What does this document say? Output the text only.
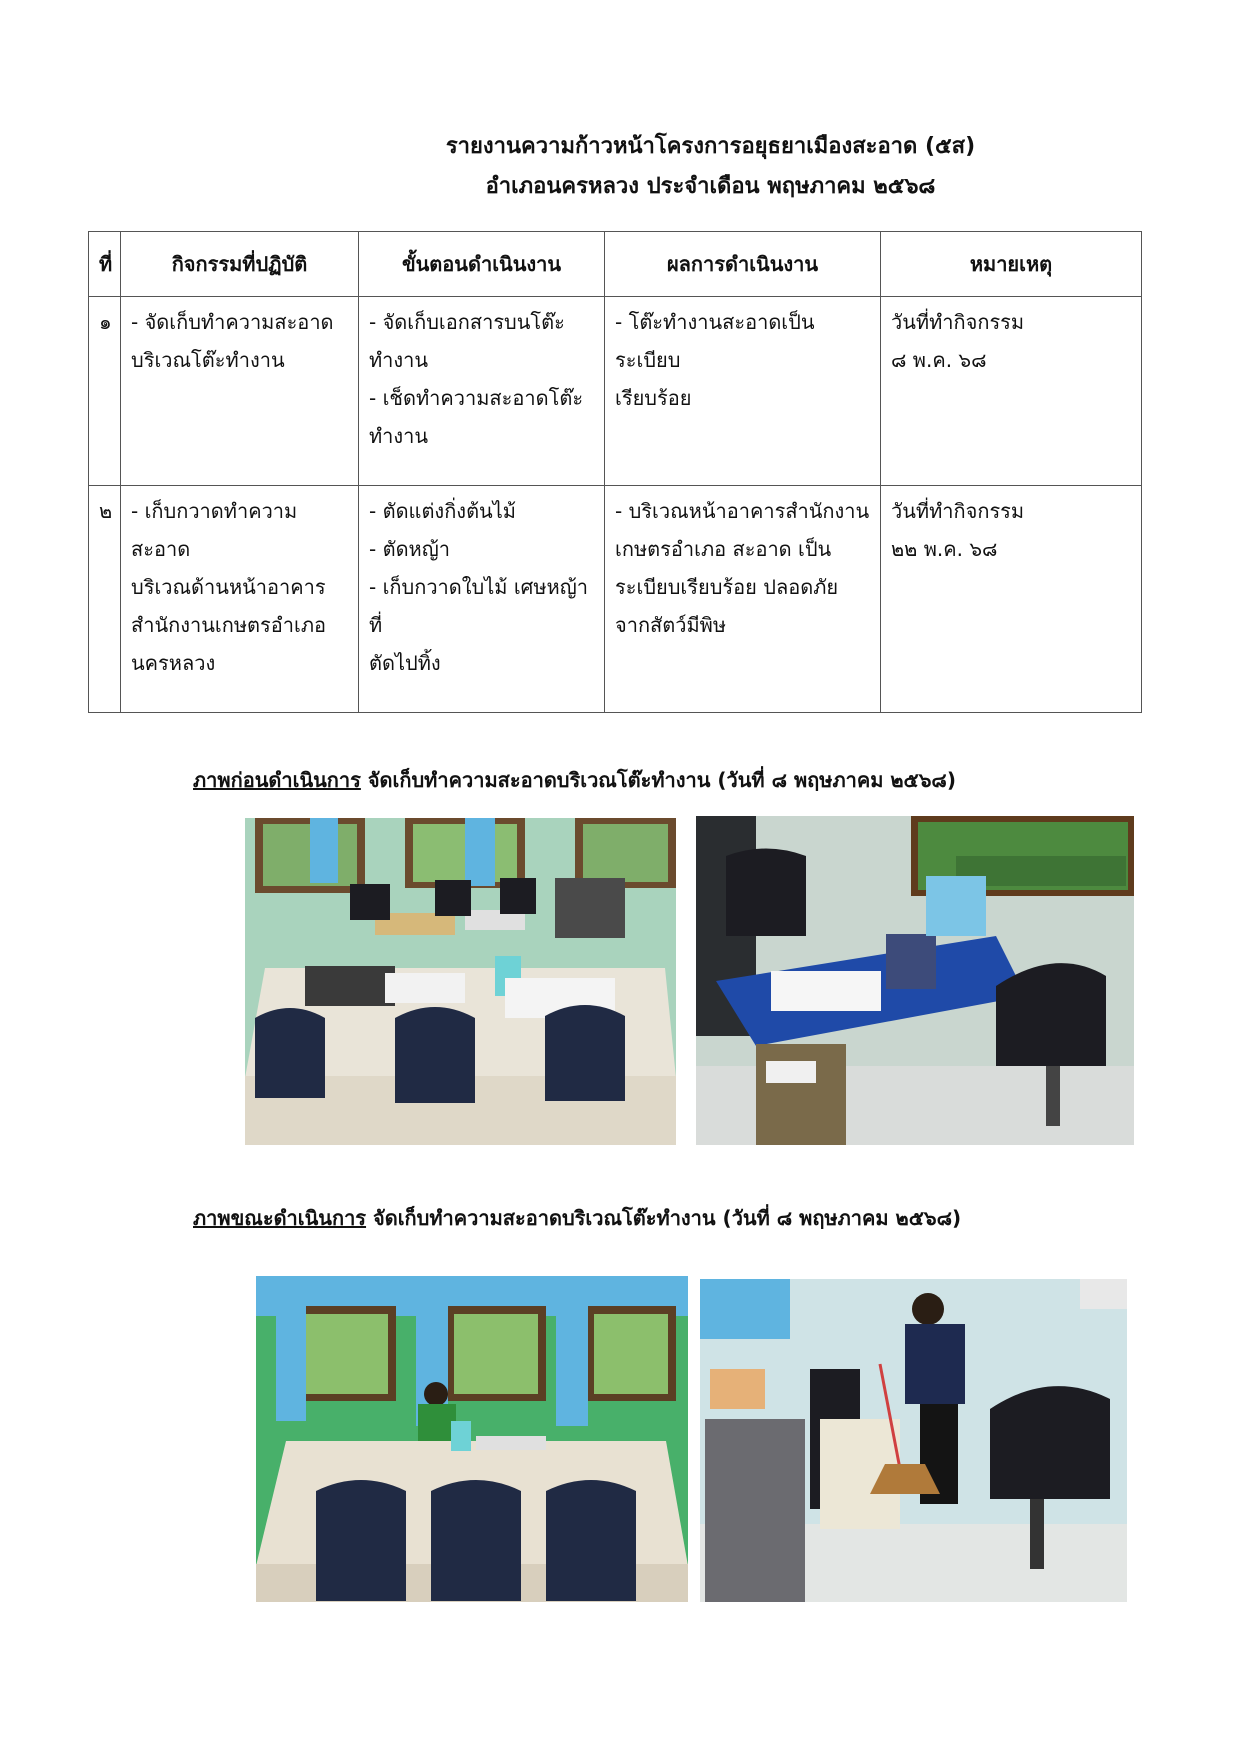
รายงานความก้าวหน้าโครงการอยุธยาเมืองสะอาด (๕ส)
อำเภอนครหลวง ประจำเดือน พฤษภาคม ๒๕๖๘
ที่	กิจกรรมที่ปฏิบัติ	ขั้นตอนดำเนินงาน	ผลการดำเนินงาน	หมายเหตุ
๑	- จัดเก็บทำความสะอาด
บริเวณโต๊ะทำงาน	- จัดเก็บเอกสารบนโต๊ะ
ทำงาน
- เช็ดทำความสะอาดโต๊ะ
ทำงาน	- โต๊ะทำงานสะอาดเป็นระเบียบ
เรียบร้อย	วันที่ทำกิจกรรม
๘ พ.ค. ๖๘

๒	- เก็บกวาดทำความสะอาด
บริเวณด้านหน้าอาคาร
สำนักงานเกษตรอำเภอ
นครหลวง	- ตัดแต่งกิ่งต้นไม้
- ตัดหญ้า
- เก็บกวาดใบไม้ เศษหญ้าที่
ตัดไปทิ้ง	- บริเวณหน้าอาคารสำนักงาน
เกษตรอำเภอ สะอาด เป็น
ระเบียบเรียบร้อย ปลอดภัย
จากสัตว์มีพิษ	วันที่ทำกิจกรรม
๒๒ พ.ค. ๖๘
ภาพก่อนดำเนินการ จัดเก็บทำความสะอาดบริเวณโต๊ะทำงาน (วันที่ ๘ พฤษภาคม ๒๕๖๘)
ภาพขณะดำเนินการ จัดเก็บทำความสะอาดบริเวณโต๊ะทำงาน (วันที่ ๘ พฤษภาคม ๒๕๖๘)
